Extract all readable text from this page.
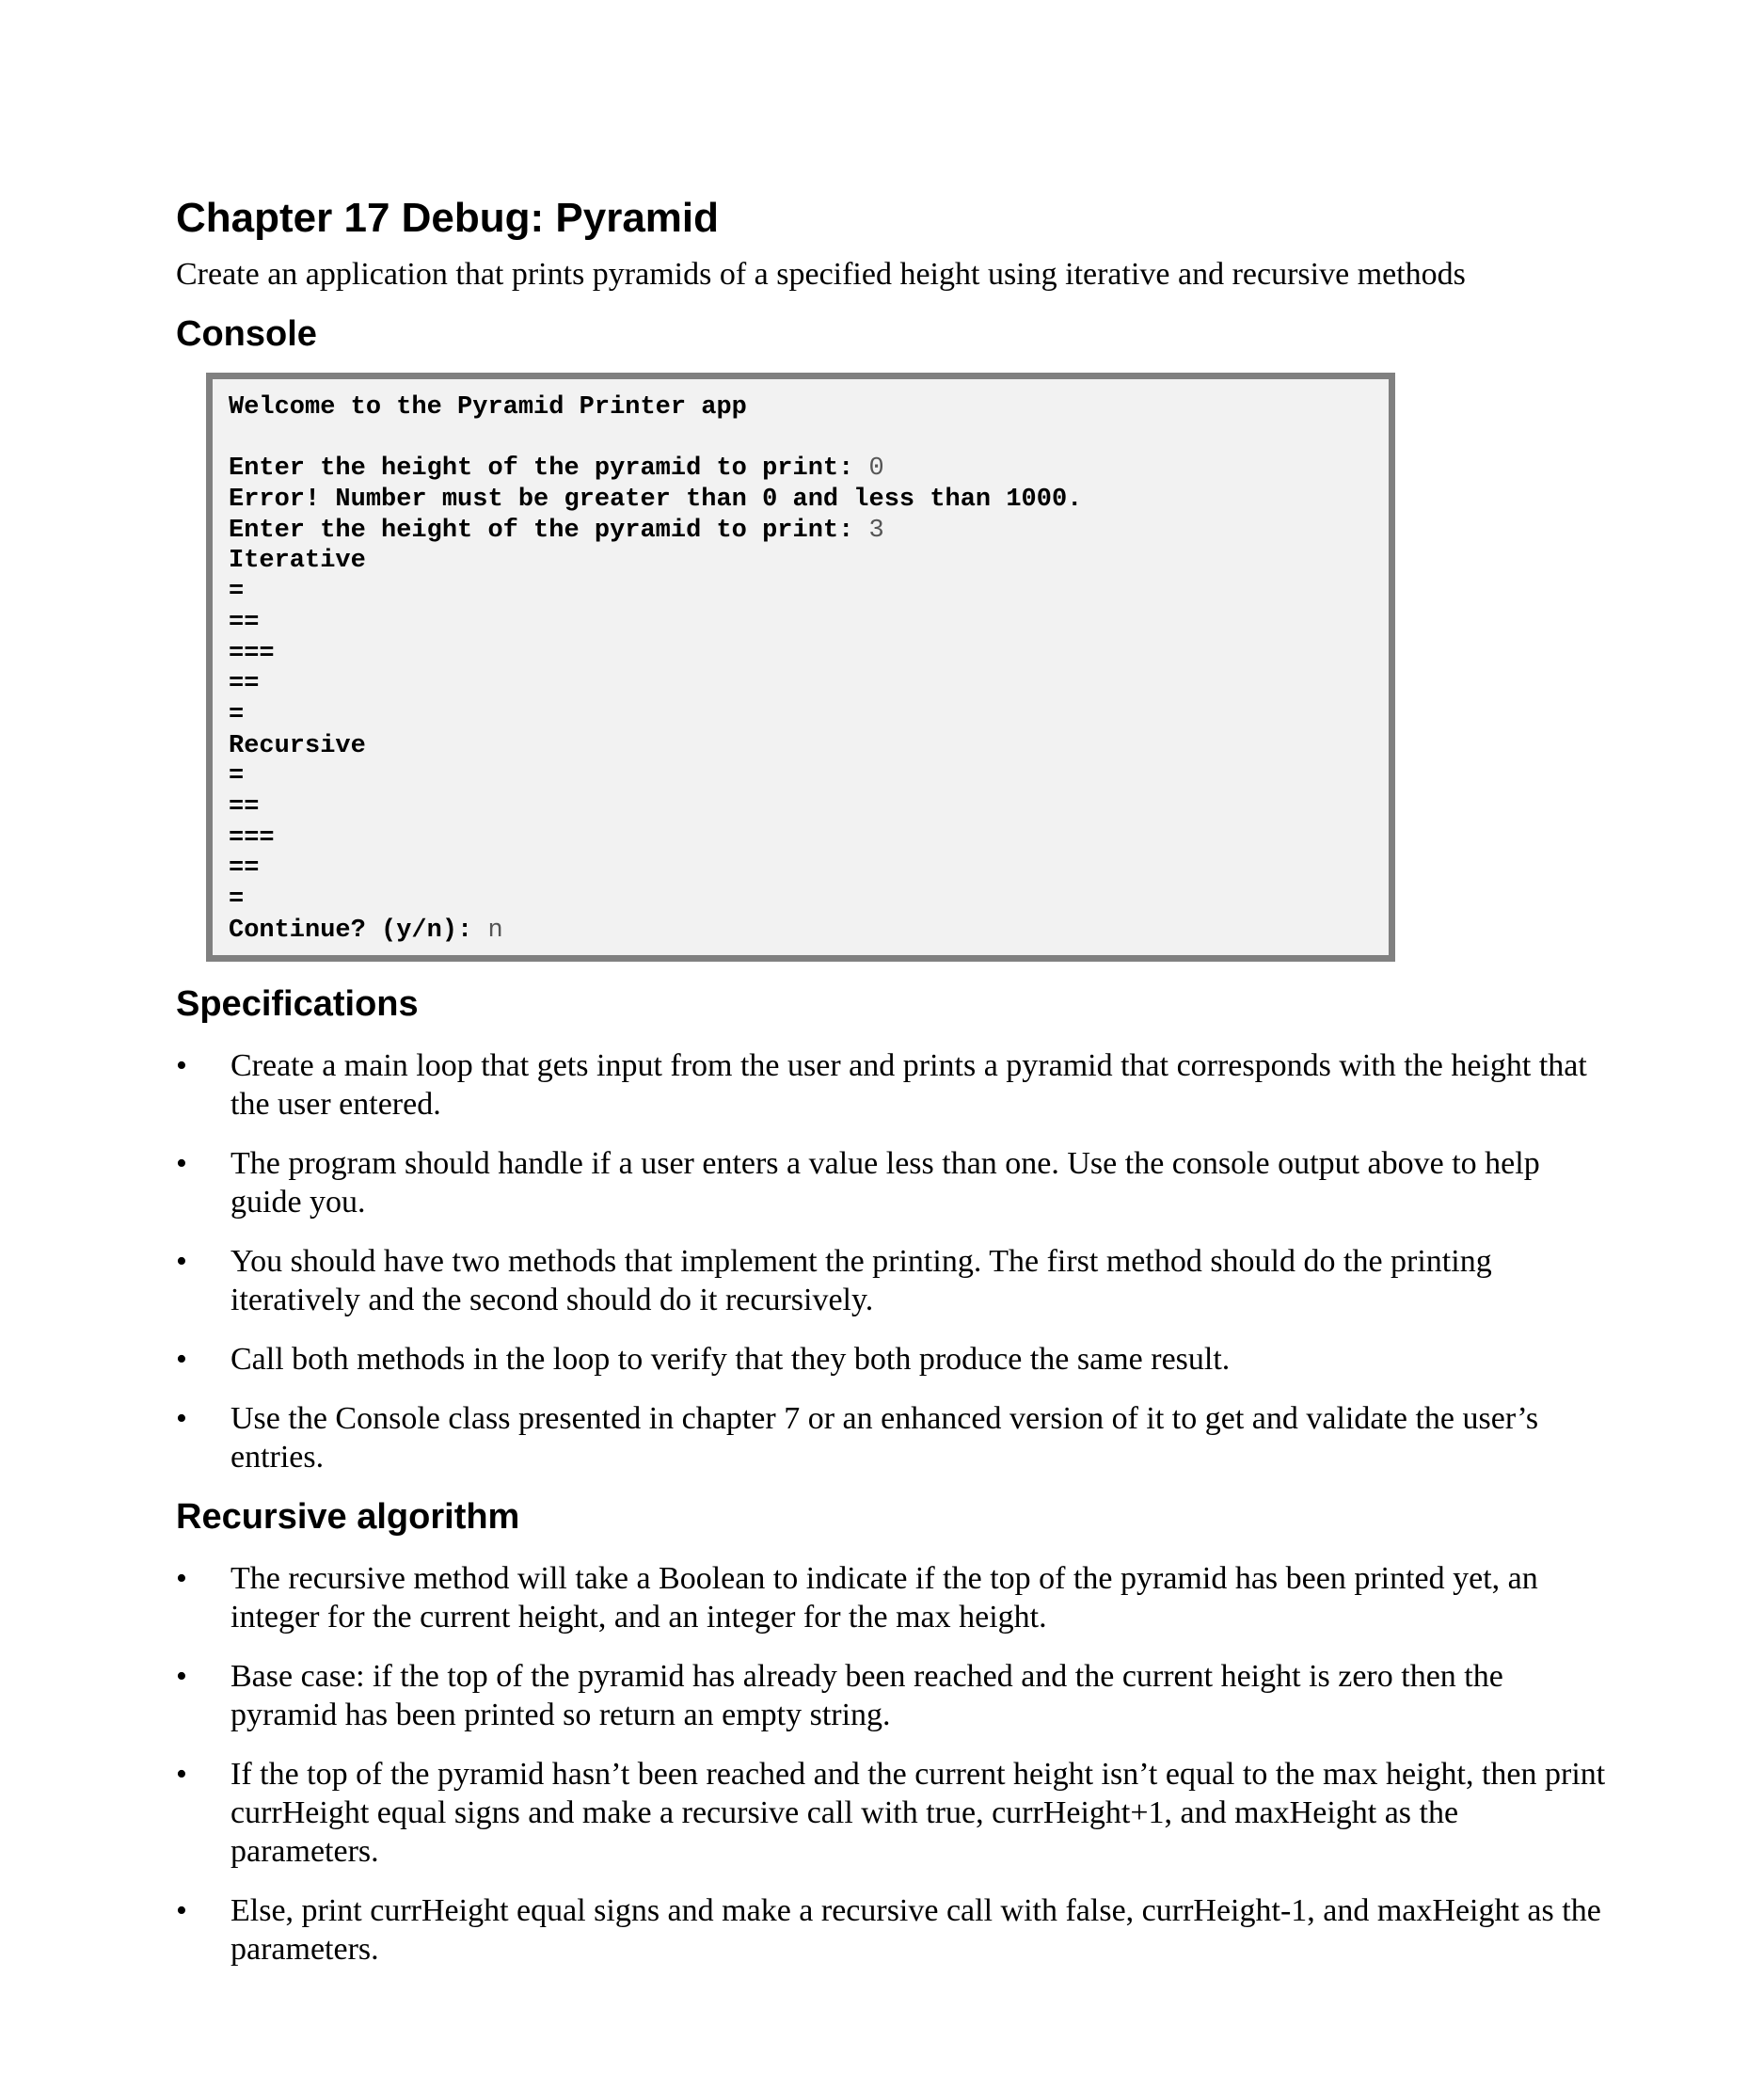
Chapter 17 Debug: Pyramid

Create an application that prints pyramids of a specified height using iterative and recursive methods

Console
Welcome to the Pyramid Printer app
Enter the height of the pyramid to print: 0
Error! Number must be greater than 0 and less than 1000.
Enter the height of the pyramid to print: 3
Iterative
=
==
===
==
=
Recursive
=
==
===
==
=
Continue? (y/n): n
Specifications
• Create a main loop that gets input from the user and prints a pyramid that corresponds with the height that the user entered.
• The program should handle if a user enters a value less than one. Use the console output above to help guide you.
• You should have two methods that implement the printing. The first method should do the printing iteratively and the second should do it recursively.
• Call both methods in the loop to verify that they both produce the same result.
• Use the Console class presented in chapter 7 or an enhanced version of it to get and validate the user’s entries.
Recursive algorithm
• The recursive method will take a Boolean to indicate if the top of the pyramid has been printed yet, an integer for the current height, and an integer for the max height.
• Base case: if the top of the pyramid has already been reached and the current height is zero then the pyramid has been printed so return an empty string.
• If the top of the pyramid hasn’t been reached and the current height isn’t equal to the max height, then print currHeight equal signs and make a recursive call with true, currHeight+1, and maxHeight as the parameters.
• Else, print currHeight equal signs and make a recursive call with false, currHeight-1, and maxHeight as the parameters.
